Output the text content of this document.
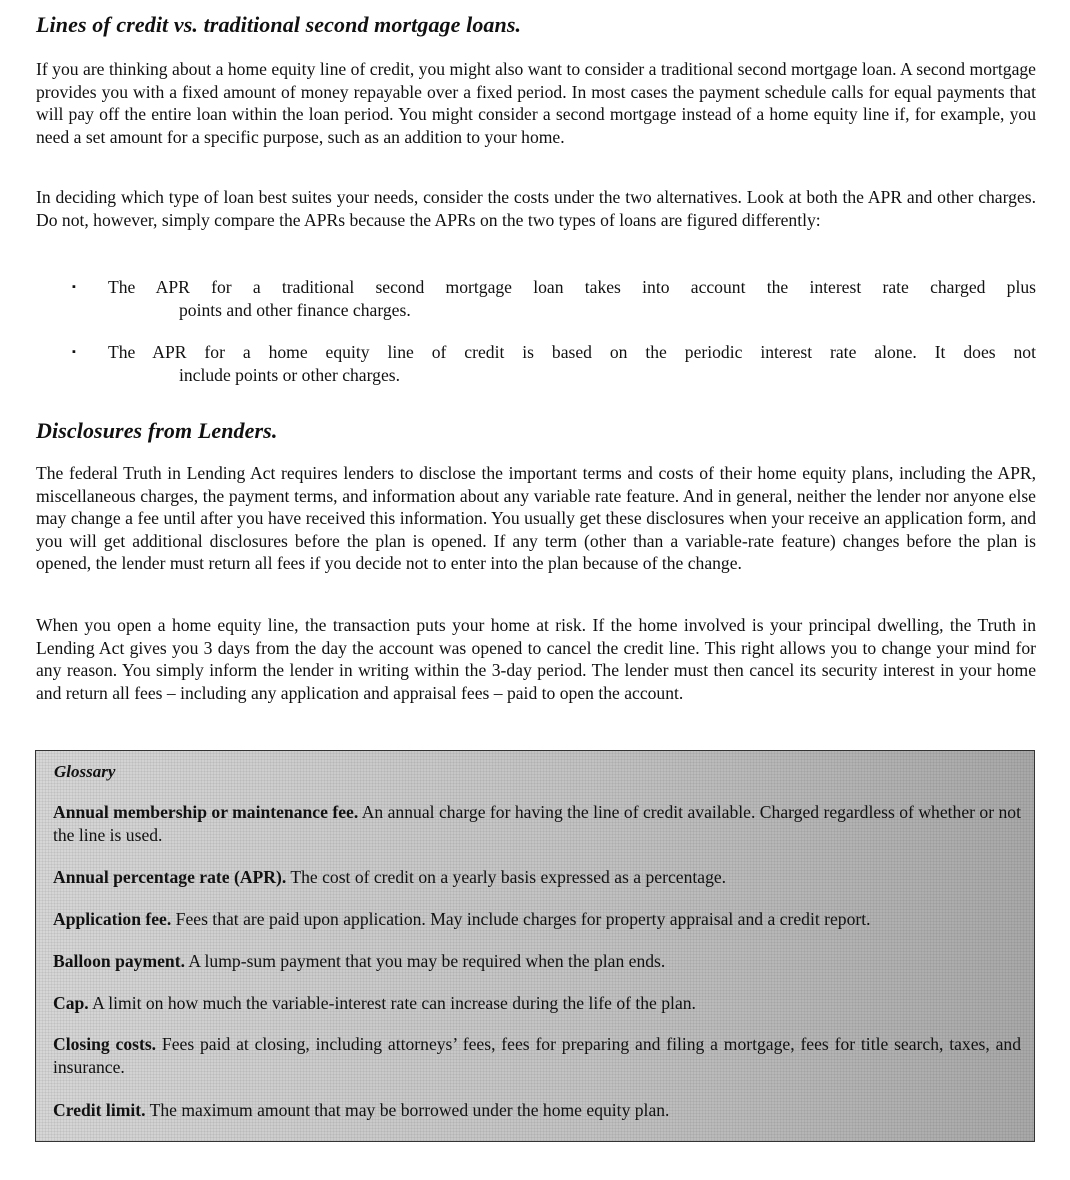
Lines of credit vs. traditional second mortgage loans.

If you are thinking about a home equity line of credit, you might also want to consider a traditional second mortgage loan. A second mortgage provides you with a fixed amount of money repayable over a fixed period. In most cases the payment schedule calls for equal payments that will pay off the entire loan within the loan period. You might consider a second mortgage instead of a home equity line if, for example, you need a set amount for a specific purpose, such as an addition to your home.

In deciding which type of loan best suites your needs, consider the costs under the two alternatives. Look at both the APR and other charges. Do not, however, simply compare the APRs because the APRs on the two types of loans are figured differently:

▪ The APR for a traditional second mortgage loan takes into account the interest rate charged plus

points and other finance charges.

▪ The APR for a home equity line of credit is based on the periodic interest rate alone. It does not

include points or other charges.

Disclosures from Lenders.

The federal Truth in Lending Act requires lenders to disclose the important terms and costs of their home equity plans, including the APR, miscellaneous charges, the payment terms, and information about any variable rate feature. And in general, neither the lender nor anyone else may change a fee until after you have received this information. You usually get these disclosures when your receive an application form, and you will get additional disclosures before the plan is opened. If any term (other than a variable-rate feature) changes before the plan is opened, the lender must return all fees if you decide not to enter into the plan because of the change.

When you open a home equity line, the transaction puts your home at risk. If the home involved is your principal dwelling, the Truth in Lending Act gives you 3 days from the day the account was opened to cancel the credit line. This right allows you to change your mind for any reason. You simply inform the lender in writing within the 3-day period. The lender must then cancel its security interest in your home and return all fees – including any application and appraisal fees – paid to open the account.

Glossary

Annual membership or maintenance fee. An annual charge for having the line of credit available. Charged regardless of whether or not the line is used.

Annual percentage rate (APR). The cost of credit on a yearly basis expressed as a percentage.

Application fee. Fees that are paid upon application. May include charges for property appraisal and a credit report.

Balloon payment. A lump-sum payment that you may be required when the plan ends.

Cap. A limit on how much the variable-interest rate can increase during the life of the plan.

Closing costs. Fees paid at closing, including attorneys’ fees, fees for preparing and filing a mortgage, fees for title search, taxes, and insurance.

Credit limit. The maximum amount that may be borrowed under the home equity plan.
